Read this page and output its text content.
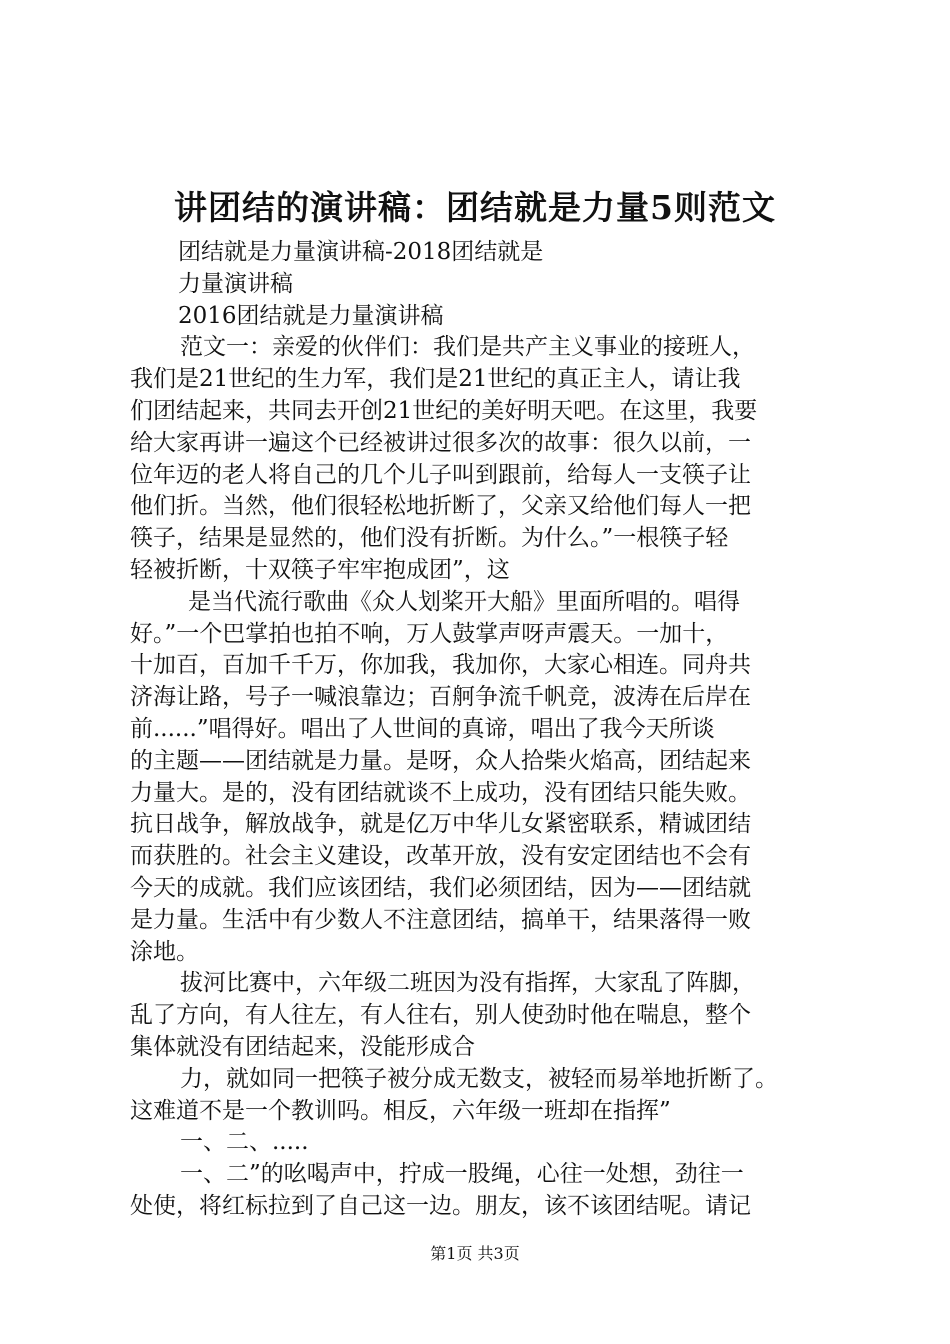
讲团结的演讲稿：团结就是力量5则范文
团结就是力量演讲稿-2018团结就是
力量演讲稿
2016团结就是力量演讲稿
范文一：亲爱的伙伴们：我们是共产主义事业的接班人，
我们是21世纪的生力军，我们是21世纪的真正主人，请让我
们团结起来，共同去开创21世纪的美好明天吧。在这里，我要
给大家再讲一遍这个已经被讲过很多次的故事：很久以前，一
位年迈的老人将自己的几个儿子叫到跟前，给每人一支筷子让
他们折。当然，他们很轻松地折断了，父亲又给他们每人一把
筷子，结果是显然的，他们没有折断。为什么。”一根筷子轻
轻被折断，十双筷子牢牢抱成团”，这
是当代流行歌曲《众人划桨开大船》里面所唱的。唱得
好。”一个巴掌拍也拍不响，万人鼓掌声呀声震天。一加十，
十加百，百加千千万，你加我，我加你，大家心相连。同舟共
济海让路，号子一喊浪靠边；百舸争流千帆竞，波涛在后岸在
前......”唱得好。唱出了人世间的真谛，唱出了我今天所谈
的主题——团结就是力量。是呀，众人拾柴火焰高，团结起来
力量大。是的，没有团结就谈不上成功，没有团结只能失败。
抗日战争，解放战争，就是亿万中华儿女紧密联系，精诚团结
而获胜的。社会主义建设，改革开放，没有安定团结也不会有
今天的成就。我们应该团结，我们必须团结，因为——团结就
是力量。生活中有少数人不注意团结，搞单干，结果落得一败
涂地。
拔河比赛中，六年级二班因为没有指挥，大家乱了阵脚，
乱了方向，有人往左，有人往右，别人使劲时他在喘息，整个
集体就没有团结起来，没能形成合
力，就如同一把筷子被分成无数支，被轻而易举地折断了。
这难道不是一个教训吗。相反，六年级一班却在指挥”
一、二、.....
一、二”的吆喝声中，拧成一股绳，心往一处想，劲往一
处使，将红标拉到了自己这一边。朋友，该不该团结呢。请记
第1页 共3页
